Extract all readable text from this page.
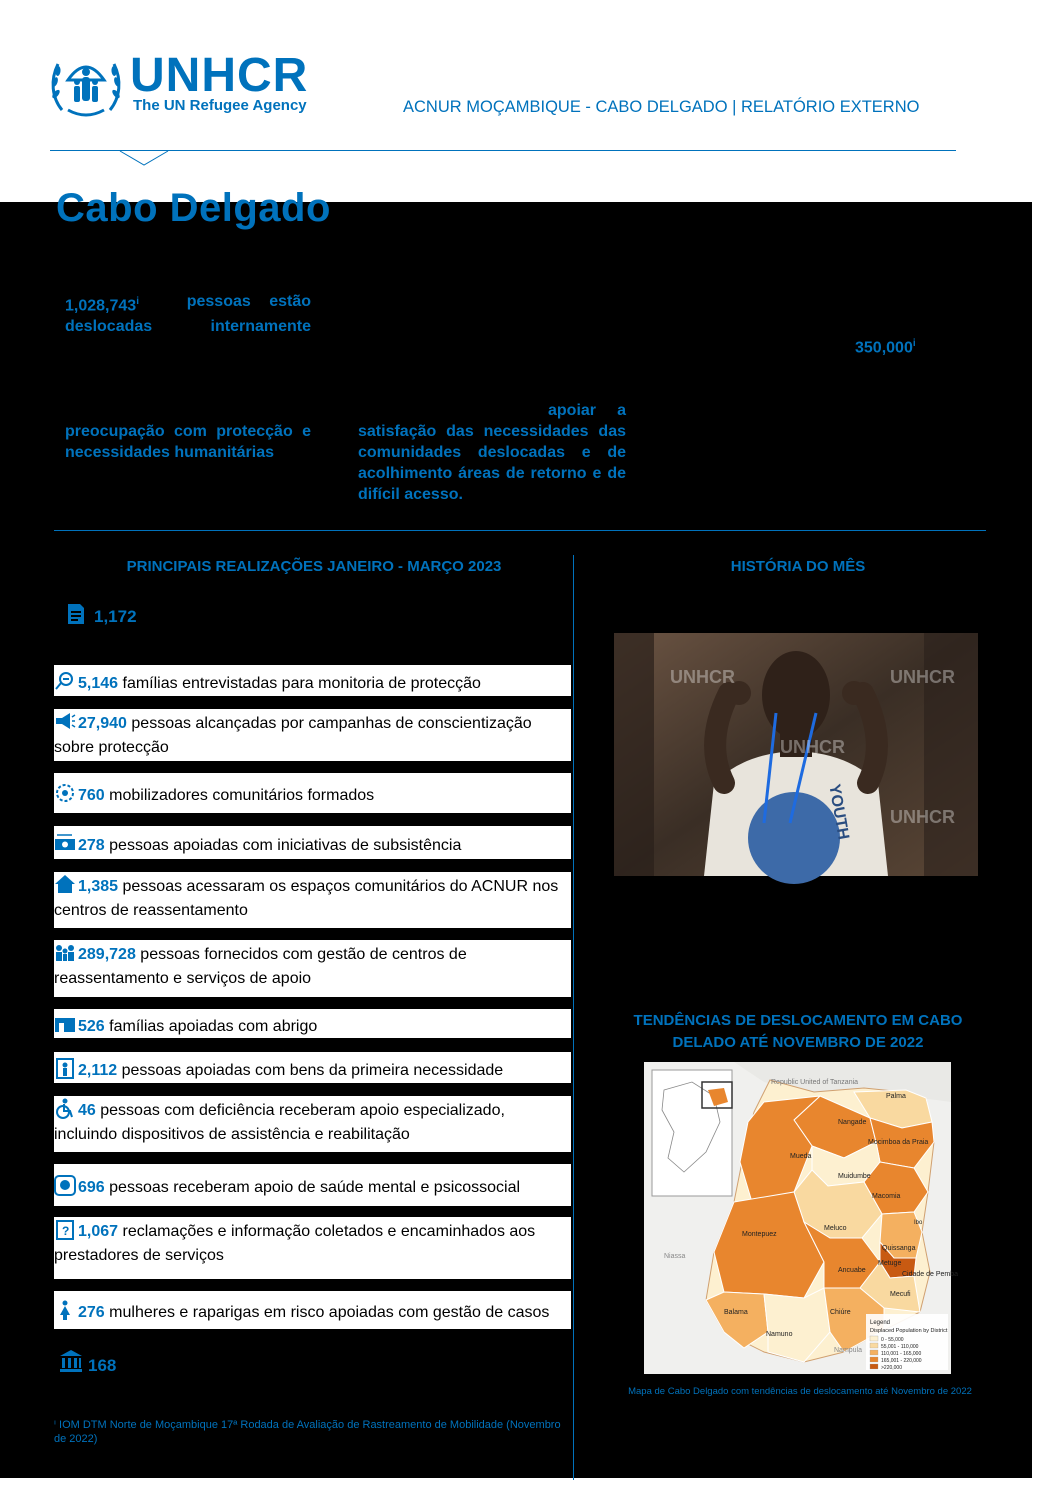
UNHCR
The UN Refugee Agency	ACNUR MOÇAMBIQUE - CABO DELGADO | RELATÓRIO EXTERNO
Cabo Delgado
1,028,743$^i$	pessoas estão
deslocadas internamente
350,000$^i$
preocupação com protecção e necessidades humanitárias
apoiar a satisfação das necessidades das comunidades deslocadas e de acolhimento áreas de retorno e de difícil acesso.
PRINCIPAIS REALIZAÇÕES JANEIRO - MARÇO 2023
1,172
5,146 famílias entrevistadas para monitoria de protecção
27,940 pessoas alcançadas por campanhas de conscientização sobre protecção
760 mobilizadores comunitários formados
278 pessoas apoiadas com iniciativas de subsistência
1,385 pessoas acessaram os espaços comunitários do ACNUR nos centros de reassentamento
289,728 pessoas fornecidos com gestão de centros de reassentamento e serviços de apoio
526 famílias apoiadas com abrigo
2,112 pessoas apoiadas com bens da primeira necessidade
46 pessoas com deficiência receberam apoio especializado, incluindo dispositivos de assistência e reabilitação
696 pessoas receberam apoio de saúde mental e psicossocial
? 1,067 reclamações e informação coletados e encaminhados aos prestadores de serviços
276 mulheres e raparigas em risco apoiadas com gestão de casos
168
HISTÓRIA DO MÊS
UNHCR	UNHCR
UNHCR
UNHCR
YOUTH
TENDÊNCIAS DE DESLOCAMENTO EM CABO
DELADO ATÉ NOVEMBRO DE 2022
Republic United of Tanzania
Palma
Nangade
Mocimboa da Praia
Mueda
Muidumbe
Macomia
Meluco
Montepuez
Ancuabe
Quissanga
Metuge
Cidade de Pemba
Mecufi
Balama
Namuno
Chiúre
Niassa
Nampula
Ibo
Legend
Displaced Population by District
0 - 55,000
55,001 - 110,000
110,001 - 165,000
165,001 - 220,000
>220,000
Mapa de Cabo Delgado com tendências de deslocamento até Novembro de 2022
ⁱ IOM DTM Norte de Moçambique 17ª Rodada de Avaliação de Rastreamento de Mobilidade (Novembro de 2022)
